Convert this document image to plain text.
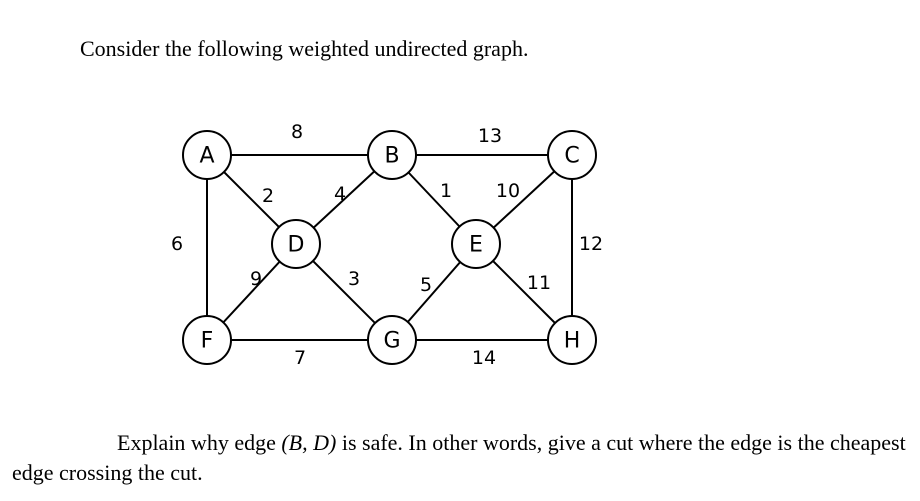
Consider the following weighted undirected graph.

8	13
2	4	1 10
6	12
9	3	5	11
7	14
A	B	C
D	E
F	G	H

Explain why edge (B, D) is safe. In other words, give a cut where the edge is the cheapest edge crossing the cut.
